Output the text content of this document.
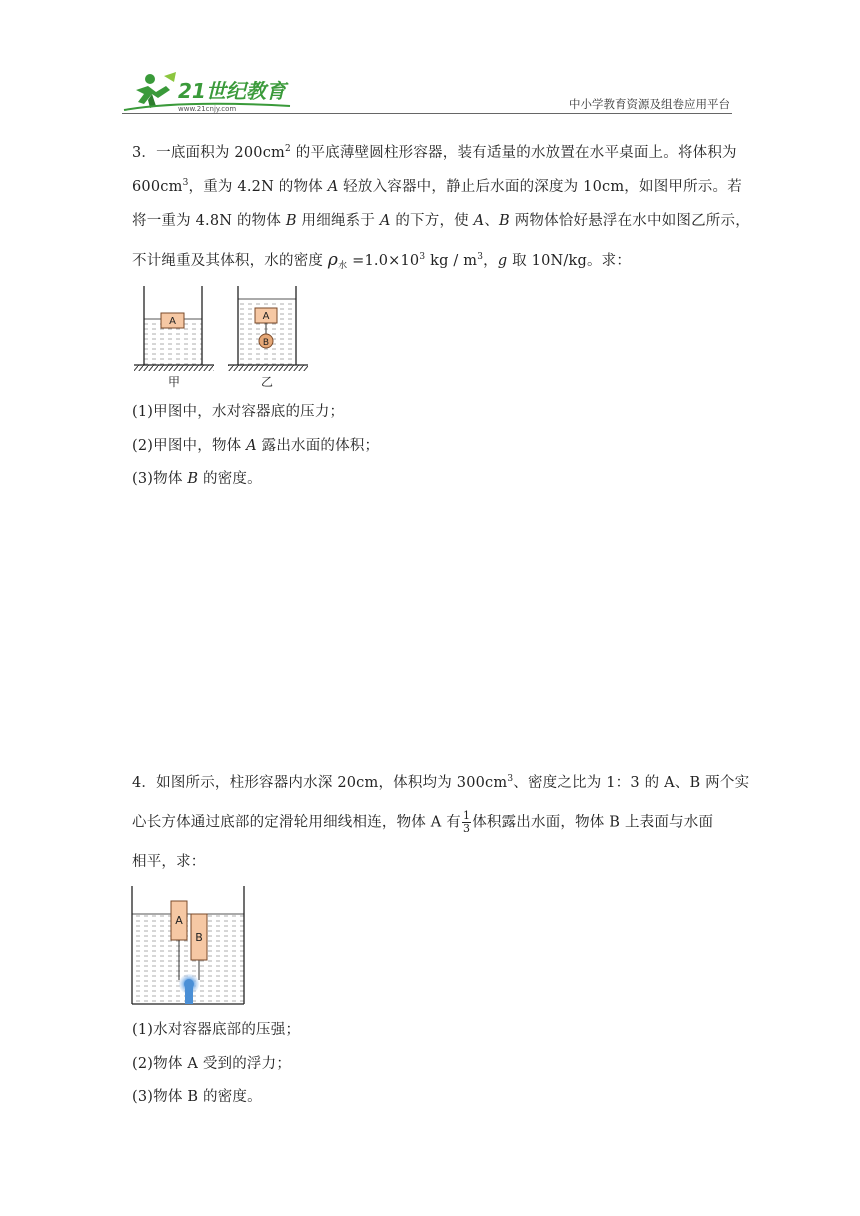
21世纪教育
www.21cnjy.com	中小学教育资源及组卷应用平台
3．一底面积为 $200cm^2$ 的平底薄壁圆柱形容器，装有适量的水放置在水平桌面上。将体积为
$600cm^3$，重为 4.2N 的物体 A 轻放入容器中，静止后水面的深度为 10cm，如图甲所示。若
将一重为 4.8N 的物体 B 用细绳系于 A 的下方，使 A、B 两物体恰好悬浮在水中如图乙所示，
不计绳重及其体积，水的密度 $\rho_水 =1.0\times 10^3$ kg / $m^3$，g 取 10N/kg。求：
A
甲
A
B
乙
(1)甲图中，水对容器底的压力；
(2)甲图中，物体 A 露出水面的体积；
(3)物体 B 的密度。
4．如图所示，柱形容器内水深 20cm，体积均为 $300cm^3$、密度之比为 1：3 的 A、B 两个实
心长方体通过底部的定滑轮用细线相连，物体 A 有 $\frac{1}{3}$ 体积露出水面，物体 B 上表面与水面
相平，求：
A
B
(1)水对容器底部的压强；
(2)物体 A 受到的浮力；
(3)物体 B 的密度。
